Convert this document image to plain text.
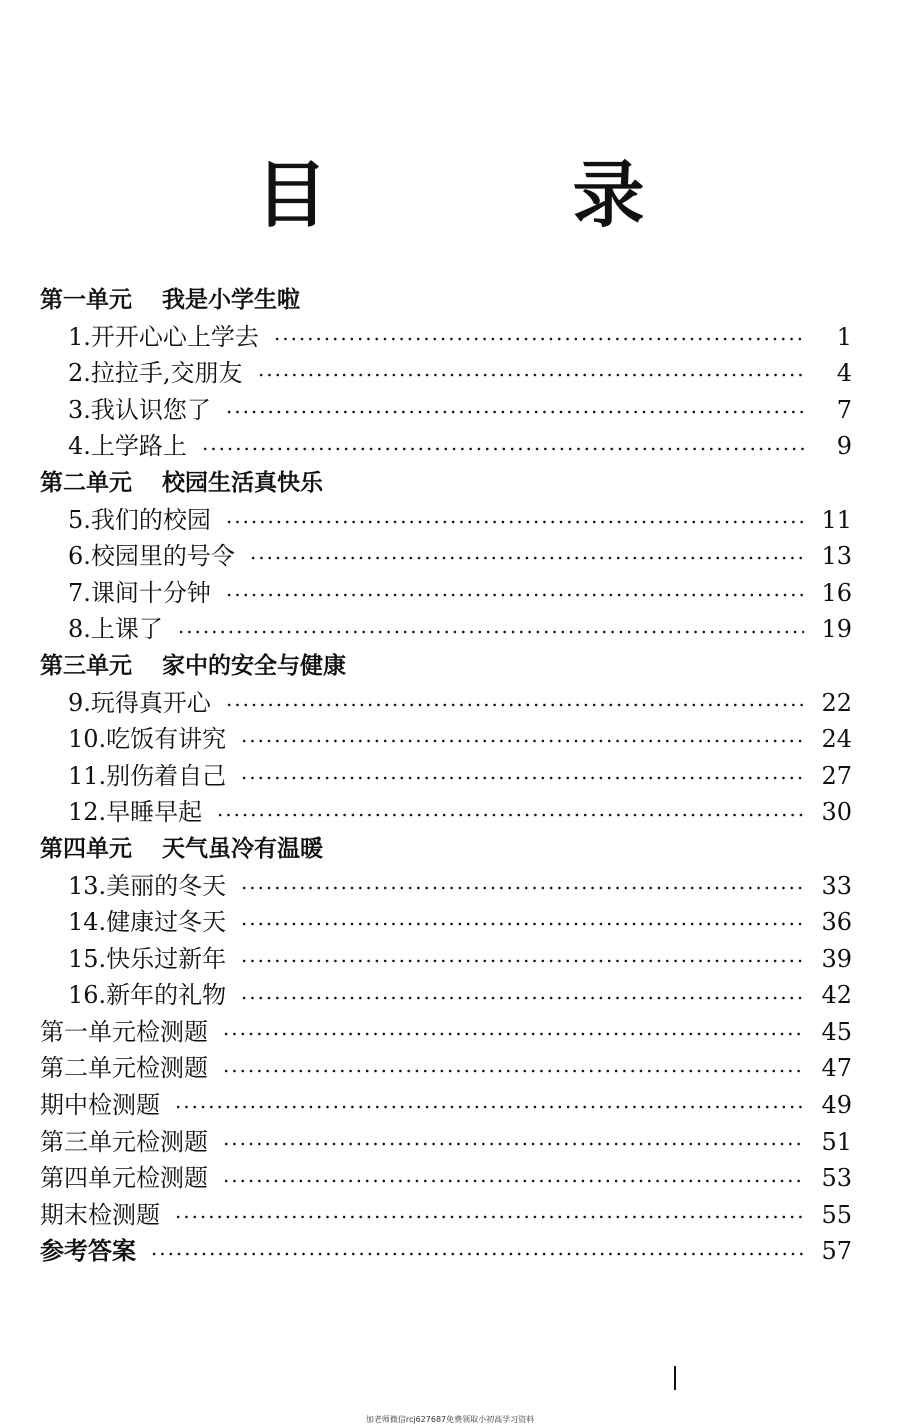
目 录
第一单元 我是小学生啦
1.开开心心上学去	1
2.拉拉手,交朋友	4
3.我认识您了	7
4.上学路上	9
第二单元 校园生活真快乐
5.我们的校园	11
6.校园里的号令	13
7.课间十分钟	16
8.上课了	19
第三单元 家中的安全与健康
9.玩得真开心	22
10.吃饭有讲究	24
11.别伤着自己	27
12.早睡早起	30
第四单元 天气虽冷有温暖
13.美丽的冬天	33
14.健康过冬天	36
15.快乐过新年	39
16.新年的礼物	42
第一单元检测题	45
第二单元检测题	47
期中检测题	49
第三单元检测题	51
第四单元检测题	53
期末检测题	55
参考答案	57
加老师微信rcj627687免费领取小初高学习资料
